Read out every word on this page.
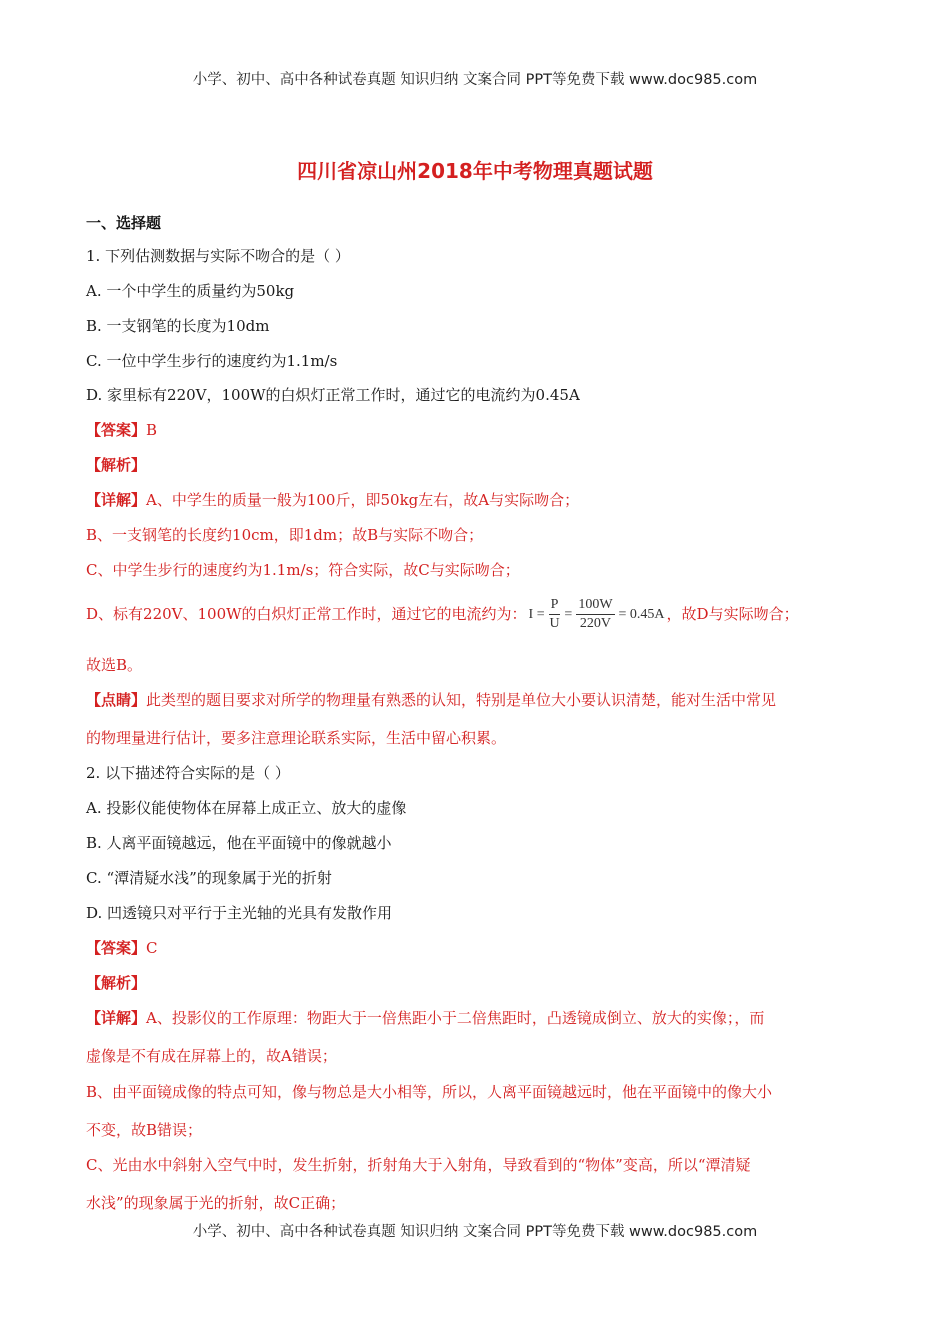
小学、初中、高中各种试卷真题 知识归纳 文案合同 PPT等免费下载 www.doc985.com
四川省凉山州2018年中考物理真题试题
一、选择题
1. 下列估测数据与实际不吻合的是（ ）
A. 一个中学生的质量约为50kg
B. 一支钢笔的长度为10dm
C. 一位中学生步行的速度约为1.1m/s
D. 家里标有220V，100W的白炽灯正常工作时，通过它的电流约为0.45A
【答案】B
【解析】
【详解】A、中学生的质量一般为100斤，即50kg左右，故A与实际吻合；
B、一支钢笔的长度约10cm，即1dm；故B与实际不吻合；
C、中学生步行的速度约为1.1m/s；符合实际，故C与实际吻合；
D、标有220V、100W的白炽灯正常工作时，通过它的电流约为： $I = \frac{P}{U} = \frac{100W}{220V} = 0.45A$ ，故D与实际吻合；
故选B。
【点睛】此类型的题目要求对所学的物理量有熟悉的认知，特别是单位大小要认识清楚，能对生活中常见
的物理量进行估计，要多注意理论联系实际，生活中留心积累。
2. 以下描述符合实际的是（ ）
A. 投影仪能使物体在屏幕上成正立、放大的虚像
B. 人离平面镜越远，他在平面镜中的像就越小
C. “潭清疑水浅”的现象属于光的折射
D. 凹透镜只对平行于主光轴的光具有发散作用
【答案】C
【解析】
【详解】A、投影仪的工作原理：物距大于一倍焦距小于二倍焦距时，凸透镜成倒立、放大的实像；，而
虚像是不有成在屏幕上的，故A错误；
B、由平面镜成像的特点可知，像与物总是大小相等，所以，人离平面镜越远时，他在平面镜中的像大小
不变，故B错误；
C、光由水中斜射入空气中时，发生折射，折射角大于入射角，导致看到的“物体”变高，所以“潭清疑
水浅”的现象属于光的折射，故C正确；
小学、初中、高中各种试卷真题 知识归纳 文案合同 PPT等免费下载 www.doc985.com
